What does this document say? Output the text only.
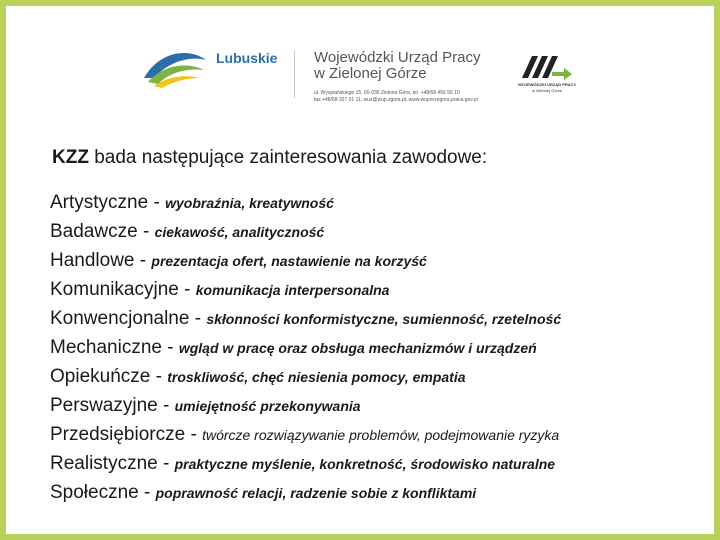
Lubuskie Wojewódzki Urząd Pracy
w Zielonej Górze
ul. Wyspiańskiego 15, 65-036 Zielona Góra, tel. +48/68 456 56 10
fax +48/68 327 01 11, wuz@wup.zgora.pl, www.wuporzegora.praca.gov.pl
WOJEWÓDZKI URZĄD PRACY
w Zielonej Górze
KZZ bada następujące zainteresowania zawodowe:
Artystyczne - wyobraźnia, kreatywność
Badawcze - ciekawość, analityczność
Handlowe - prezentacja ofert, nastawienie na korzyść
Komunikacyjne - komunikacja interpersonalna
Konwencjonalne - skłonności konformistyczne, sumienność, rzetelność
Mechaniczne - wgląd w pracę oraz obsługa mechanizmów i urządzeń
Opiekuńcze - troskliwość, chęć niesienia pomocy, empatia
Perswazyjne - umiejętność przekonywania
Przedsiębiorcze - twórcze rozwiązywanie problemów, podejmowanie ryzyka
Realistyczne - praktyczne myślenie, konkretność, środowisko naturalne
Społeczne - poprawność relacji, radzenie sobie z konfliktami
